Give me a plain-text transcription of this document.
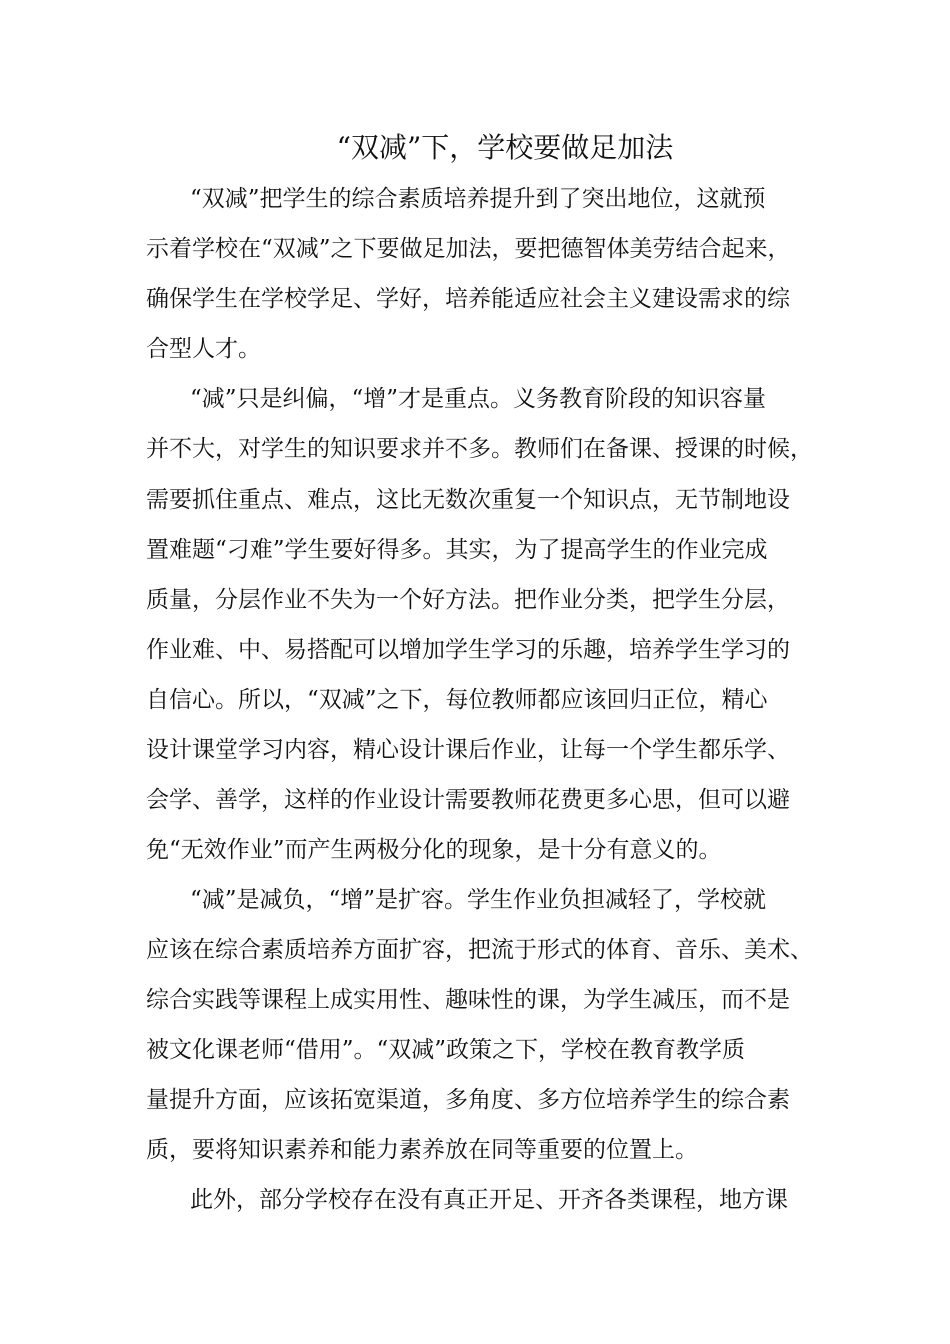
“双减”下，学校要做足加法
“双减”把学生的综合素质培养提升到了突出地位，这就预
示着学校在“双减”之下要做足加法，要把德智体美劳结合起来，
确保学生在学校学足、学好，培养能适应社会主义建设需求的综
合型人才。
“减”只是纠偏，“增”才是重点。义务教育阶段的知识容量
并不大，对学生的知识要求并不多。教师们在备课、授课的时候，
需要抓住重点、难点，这比无数次重复一个知识点，无节制地设
置难题“刁难”学生要好得多。其实，为了提高学生的作业完成
质量，分层作业不失为一个好方法。把作业分类，把学生分层，
作业难、中、易搭配可以增加学生学习的乐趣，培养学生学习的
自信心。所以，“双减”之下，每位教师都应该回归正位，精心
设计课堂学习内容，精心设计课后作业，让每一个学生都乐学、
会学、善学，这样的作业设计需要教师花费更多心思，但可以避
免“无效作业”而产生两极分化的现象，是十分有意义的。
“减”是减负，“增”是扩容。学生作业负担减轻了，学校就
应该在综合素质培养方面扩容，把流于形式的体育、音乐、美术、
综合实践等课程上成实用性、趣味性的课，为学生减压，而不是
被文化课老师“借用”。“双减”政策之下，学校在教育教学质
量提升方面，应该拓宽渠道，多角度、多方位培养学生的综合素
质，要将知识素养和能力素养放在同等重要的位置上。
此外，部分学校存在没有真正开足、开齐各类课程，地方课
